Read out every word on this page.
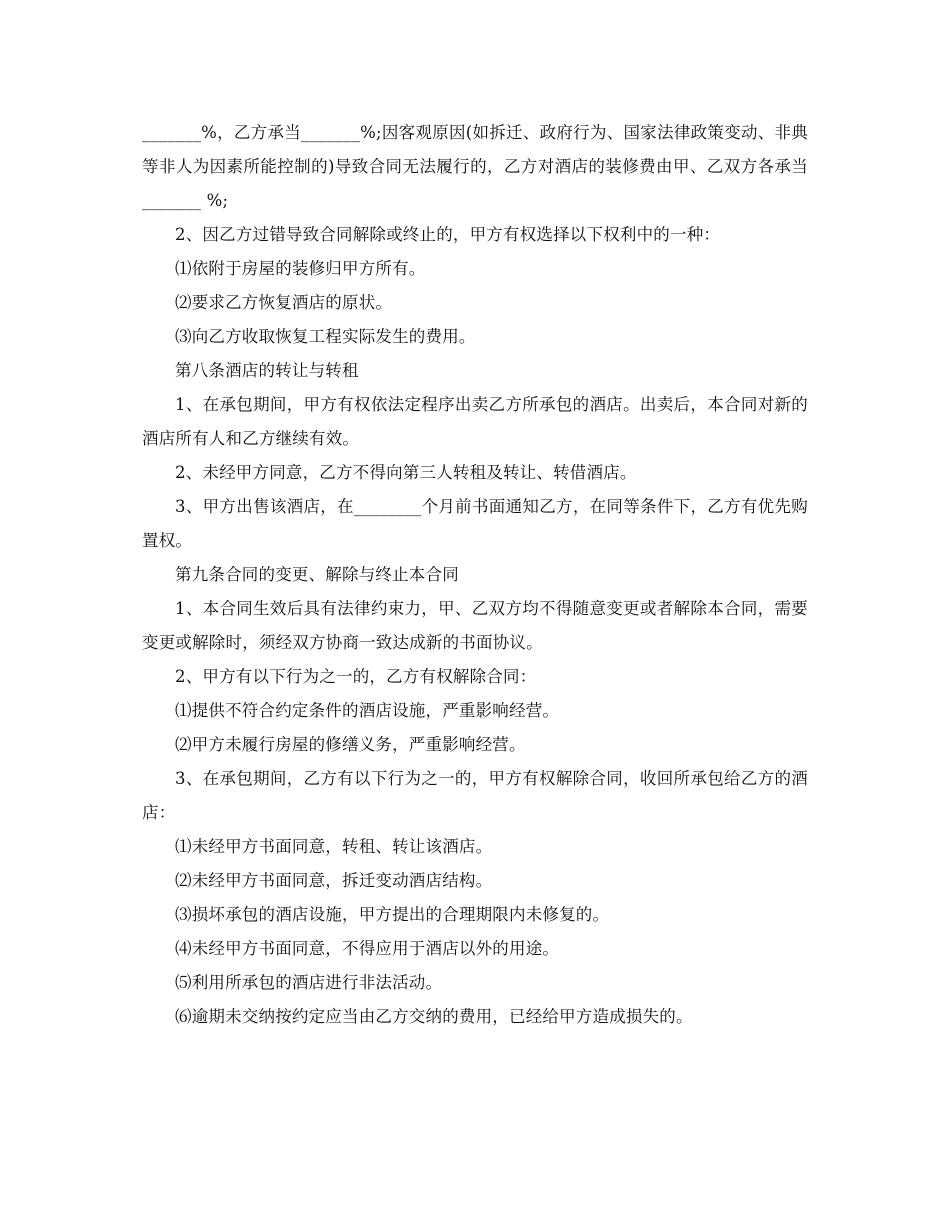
_______%，乙方承当_______%;因客观原因(如拆迁、政府行为、国家法律政策变动、非典等非人为因素所能控制的)导致合同无法履行的，乙方对酒店的装修费由甲、乙双方各承当_______ %;

2、因乙方过错导致合同解除或终止的，甲方有权选择以下权利中的一种：

⑴依附于房屋的装修归甲方所有。

⑵要求乙方恢复酒店的原状。

⑶向乙方收取恢复工程实际发生的费用。

第八条酒店的转让与转租

1、在承包期间，甲方有权依法定程序出卖乙方所承包的酒店。出卖后，本合同对新的酒店所有人和乙方继续有效。

2、未经甲方同意，乙方不得向第三人转租及转让、转借酒店。

3、甲方出售该酒店，在________个月前书面通知乙方，在同等条件下，乙方有优先购置权。

第九条合同的变更、解除与终止本合同

1、本合同生效后具有法律约束力，甲、乙双方均不得随意变更或者解除本合同，需要变更或解除时，须经双方协商一致达成新的书面协议。

2、甲方有以下行为之一的，乙方有权解除合同：

⑴提供不符合约定条件的酒店设施，严重影响经营。

⑵甲方未履行房屋的修缮义务，严重影响经营。

3、在承包期间，乙方有以下行为之一的，甲方有权解除合同，收回所承包给乙方的酒店：

⑴未经甲方书面同意，转租、转让该酒店。

⑵未经甲方书面同意，拆迁变动酒店结构。

⑶损坏承包的酒店设施，甲方提出的合理期限内未修复的。

⑷未经甲方书面同意，不得应用于酒店以外的用途。

⑸利用所承包的酒店进行非法活动。

⑹逾期未交纳按约定应当由乙方交纳的费用，已经给甲方造成损失的。
